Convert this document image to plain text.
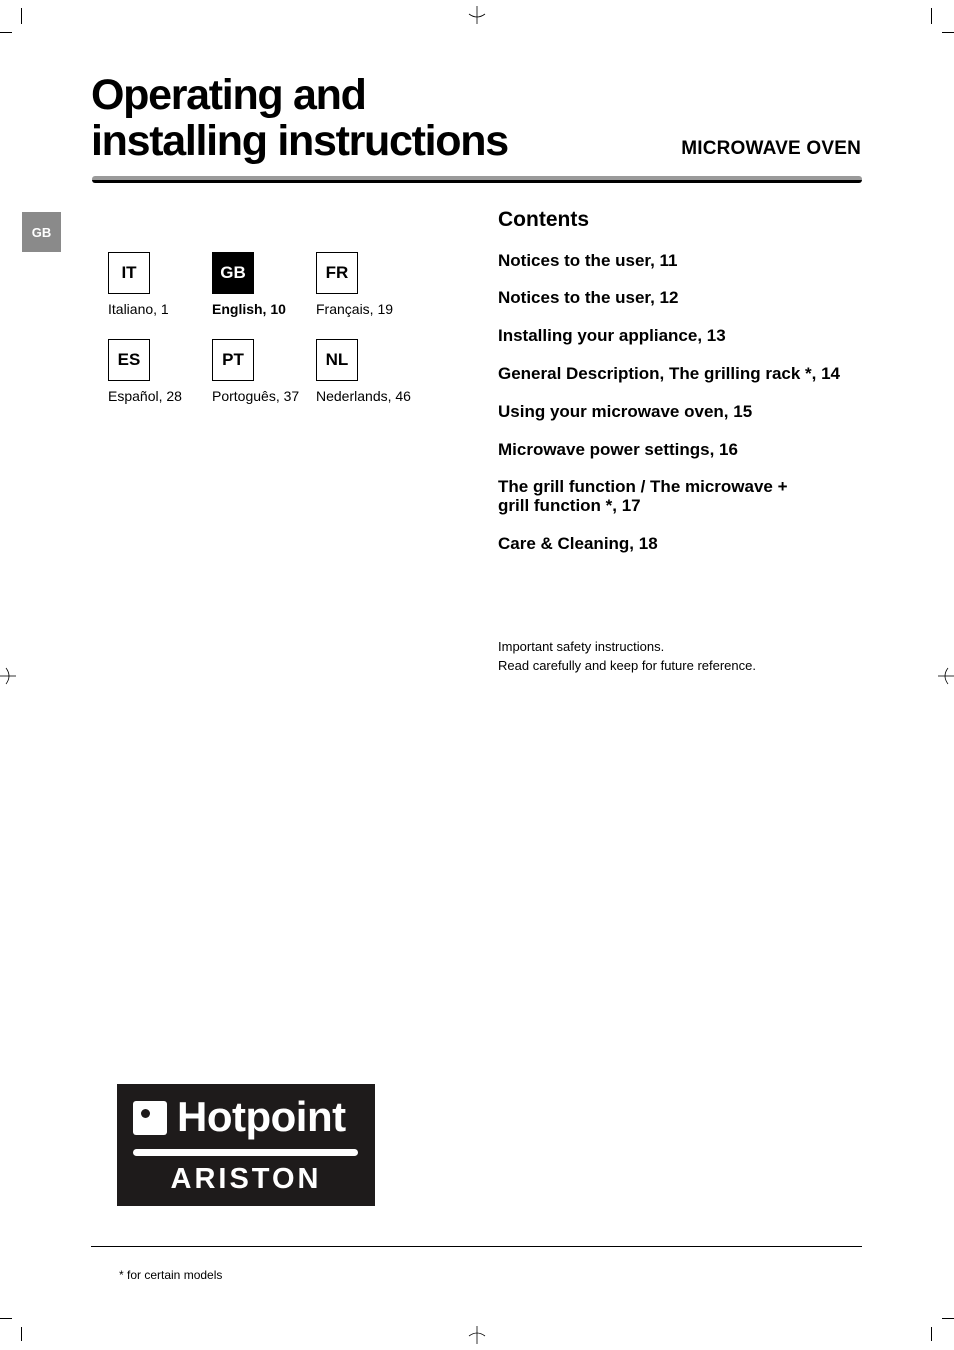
Operating and
installing instructions	MICROWAVE OVEN
GB
IT
Italiano, 1
GB
English, 10
FR
Français, 19
ES
Español, 28
PT
Portoguês, 37
NL
Nederlands, 46
Contents
Notices to the user, 11
Notices to the user, 12
Installing your appliance, 13
General Description, The grilling rack *, 14
Using your microwave oven, 15
Microwave power settings, 16
The grill function / The microwave +
grill function *, 17
Care & Cleaning, 18
Important safety instructions.
Read carefully and keep for future reference.
Hotpoint
ARISTON
* for certain models
